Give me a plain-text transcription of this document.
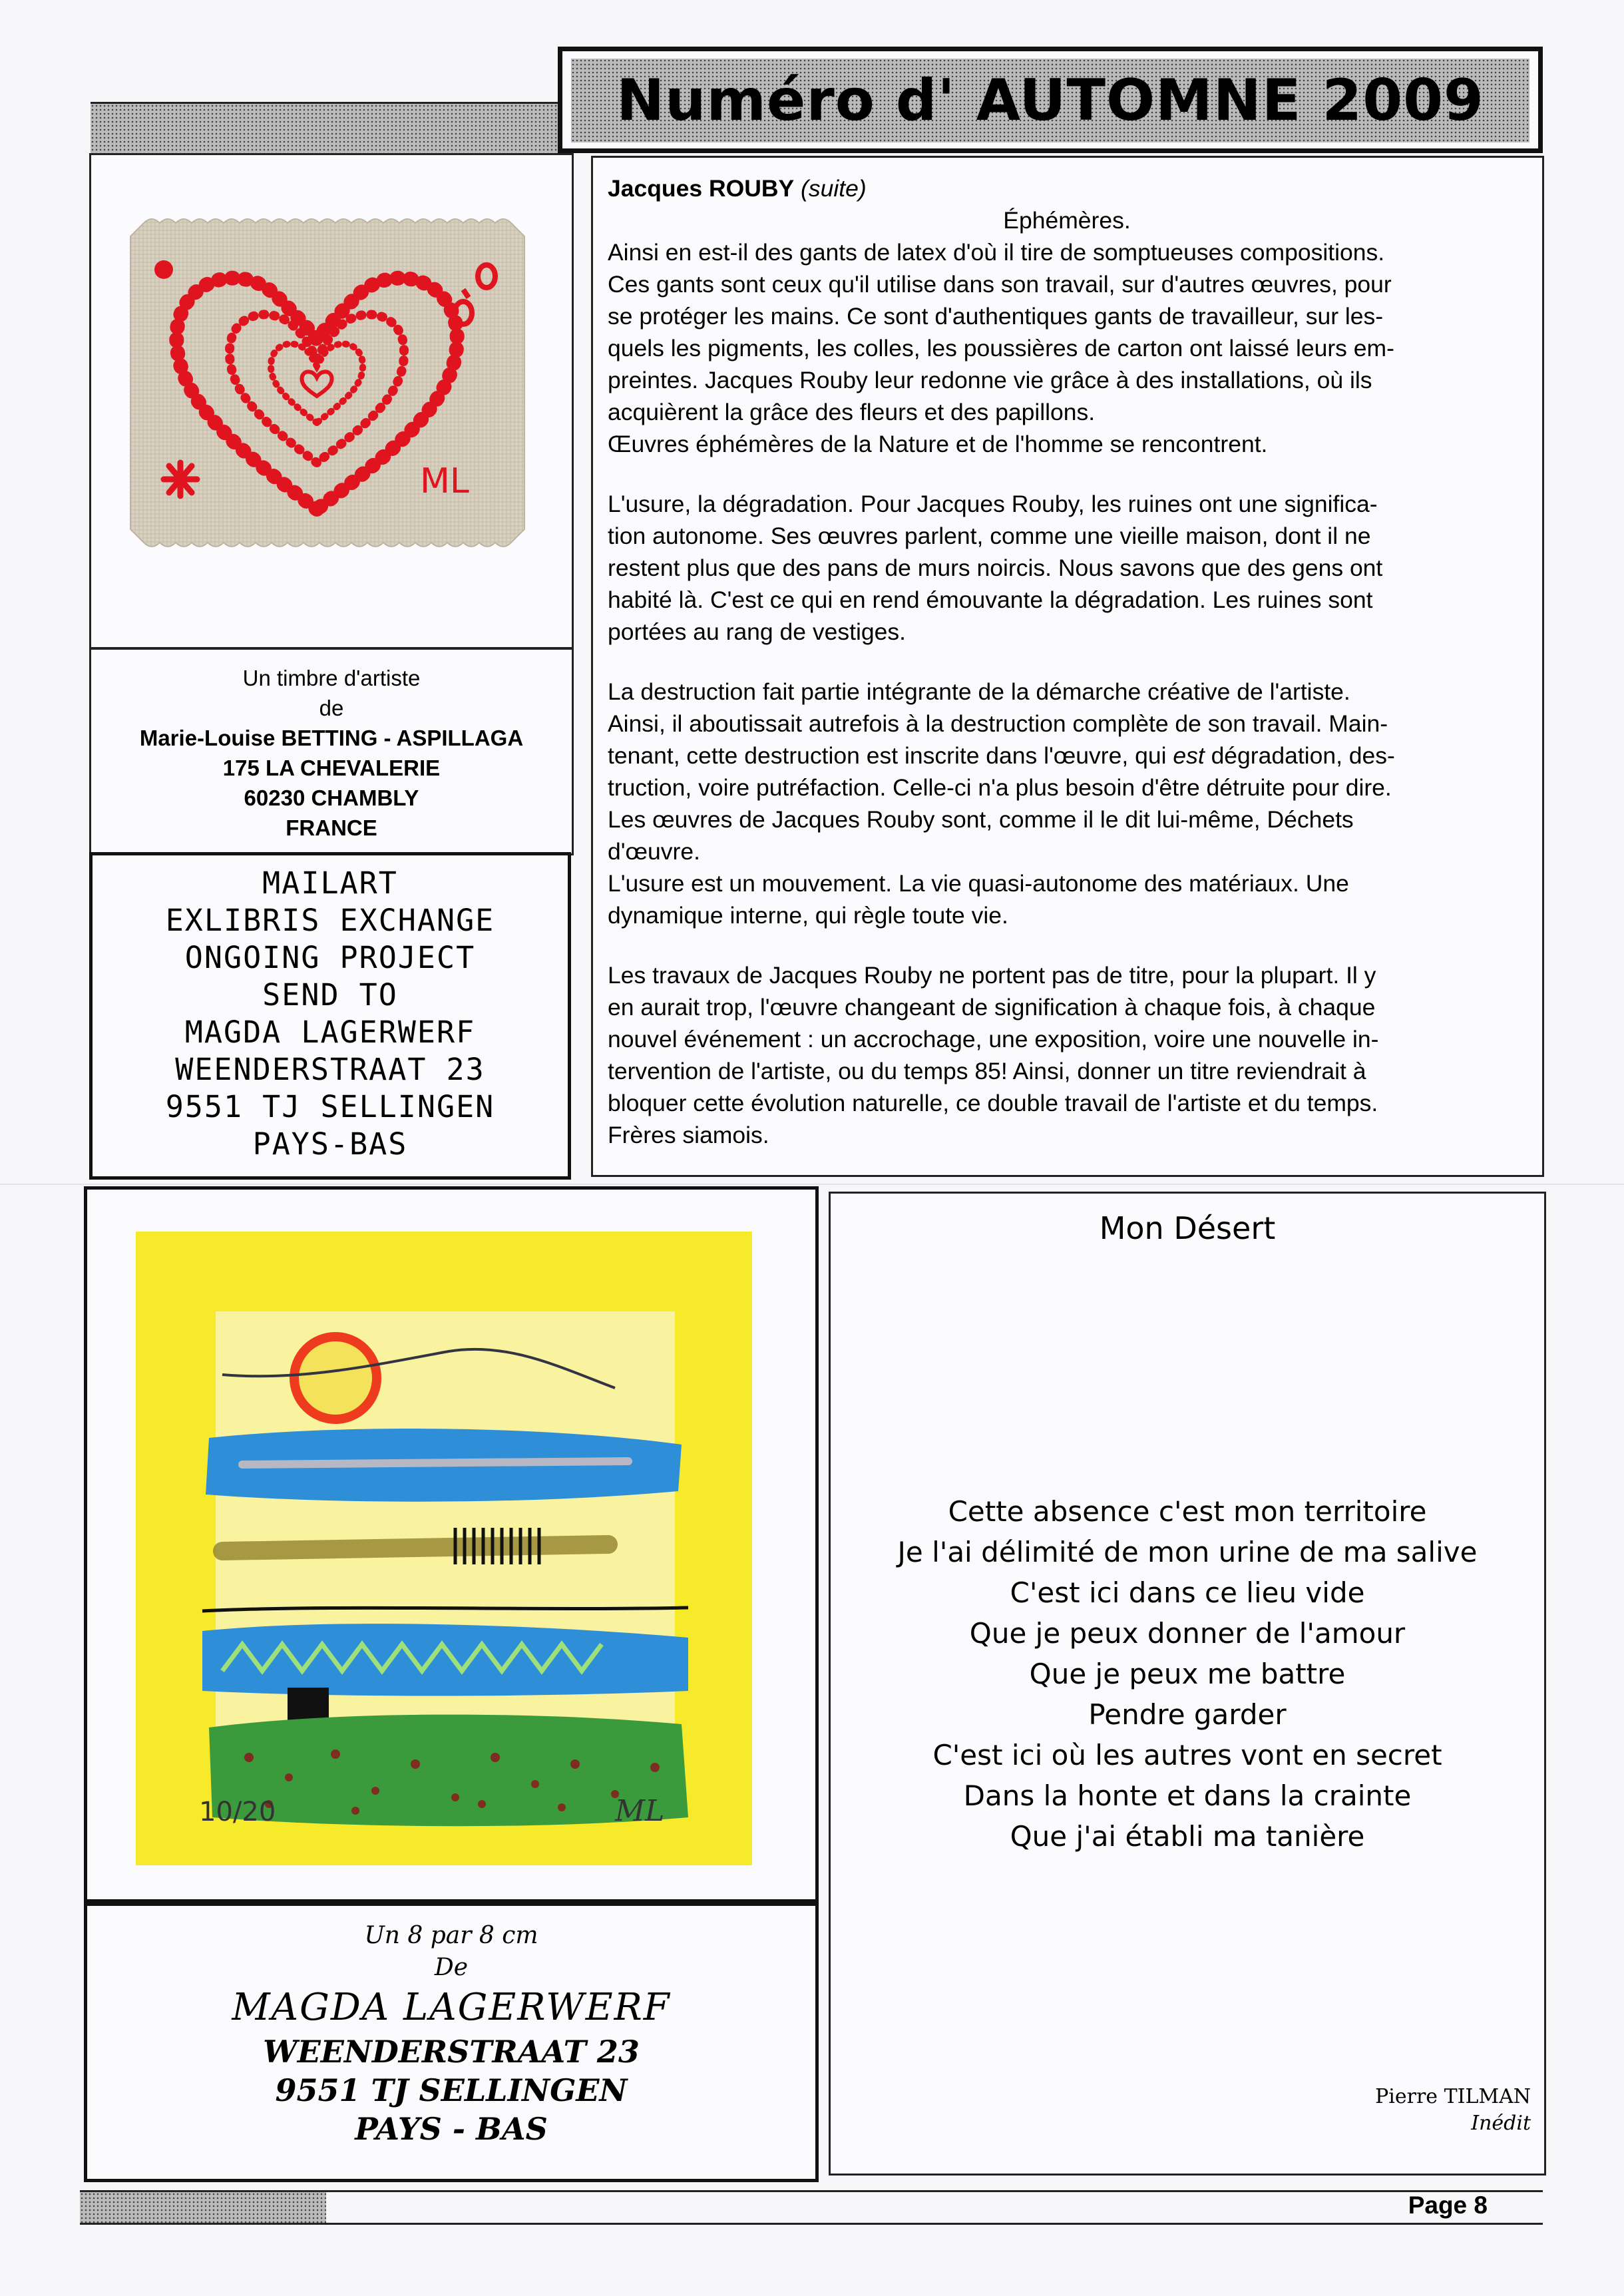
Numéro d' AUTOMNE 2009
ML
Un timbre d'artiste
de
Marie-Louise BETTING - ASPILLAGA
175 LA CHEVALERIE
60230 CHAMBLY
FRANCE
MAILART
EXLIBRIS EXCHANGE
ONGOING PROJECT
SEND TO
MAGDA LAGERWERF
WEENDERSTRAAT 23
9551 TJ SELLINGEN
PAYS-BAS
Jacques ROUBY (suite)

Éphémères.

Ainsi en est-il des gants de latex d'où il tire de somptueuses compositions.

Ces gants sont ceux qu'il utilise dans son travail, sur d'autres œuvres, pour

se protéger les mains. Ce sont d'authentiques gants de travailleur, sur les-

quels les pigments, les colles, les poussières de carton ont laissé leurs em-

preintes. Jacques Rouby leur redonne vie grâce à des installations, où ils

acquièrent la grâce des fleurs et des papillons.

Œuvres éphémères de la Nature et de l'homme se rencontrent.

L'usure, la dégradation. Pour Jacques Rouby, les ruines ont une significa-

tion autonome. Ses œuvres parlent, comme une vieille maison, dont il ne

restent plus que des pans de murs noircis. Nous savons que des gens ont

habité là. C'est ce qui en rend émouvante la dégradation. Les ruines sont

portées au rang de vestiges.

La destruction fait partie intégrante de la démarche créative de l'artiste.

Ainsi, il aboutissait autrefois à la destruction complète de son travail. Main-

tenant, cette destruction est inscrite dans l'œuvre, qui est dégradation, des-

truction, voire putréfaction. Celle-ci n'a plus besoin d'être détruite pour dire.

Les œuvres de Jacques Rouby sont, comme il le dit lui-même, Déchets

d'œuvre.

L'usure est un mouvement. La vie quasi-autonome des matériaux. Une

dynamique interne, qui règle toute vie.

Les travaux de Jacques Rouby ne portent pas de titre, pour la plupart. Il y

en aurait trop, l'œuvre changeant de signification à chaque fois, à chaque

nouvel événement : un accrochage, une exposition, voire une nouvelle in-

tervention de l'artiste, ou du temps 85! Ainsi, donner un titre reviendrait à

bloquer cette évolution naturelle, ce double travail de l'artiste et du temps.

Frères siamois.

10/20	ML
Un 8 par 8 cm
De
MAGDA LAGERWERF
WEENDERSTRAAT 23
9551 TJ SELLINGEN
PAYS - BAS
Mon Désert
Cette absence c'est mon territoire
Je l'ai délimité de mon urine de ma salive
C'est ici dans ce lieu vide
Que je peux donner de l'amour
Que je peux me battre
Pendre garder
C'est ici où les autres vont en secret
Dans la honte et dans la crainte
Que j'ai établi ma tanière
Pierre TILMAN
Inédit
Page 8
